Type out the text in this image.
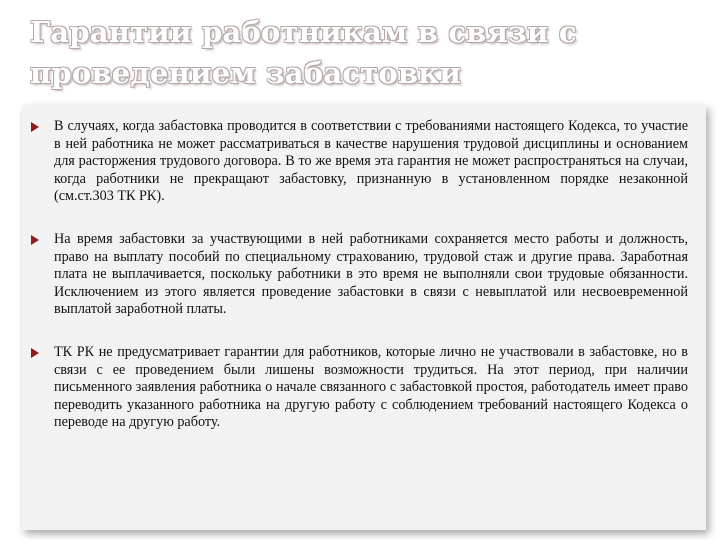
Гарантии работникам в связи с
проведением забастовки
В случаях, когда забастовка проводится в соответствии с требованиями настоящего Кодекса, то участие в ней работника не может рассматриваться в качестве нарушения трудовой дисциплины и основанием для расторжения трудового договора. В то же время эта гарантия не может распространяться на случаи, когда работники не прекращают забастовку, признанную в установленном порядке незаконной (см.ст.303 ТК РК).
На время забастовки за участвующими в ней работниками сохраняется место работы и должность, право на выплату пособий по специальному страхованию, трудовой стаж и другие права. Заработная плата не выплачивается, поскольку работники в это время не выполняли свои трудовые обязанности. Исключением из этого является проведение забастовки в связи с невыплатой или несвоевременной выплатой заработной платы.
ТК РК не предусматривает гарантии для работников, которые лично не участвовали в забастовке, но в связи с ее проведением были лишены возможности трудиться. На этот период, при наличии письменного заявления работника о начале связанного с забастовкой простоя, работодатель имеет право переводить указанного работника на другую работу с соблюдением требований настоящего Кодекса о переводе на другую работу.
